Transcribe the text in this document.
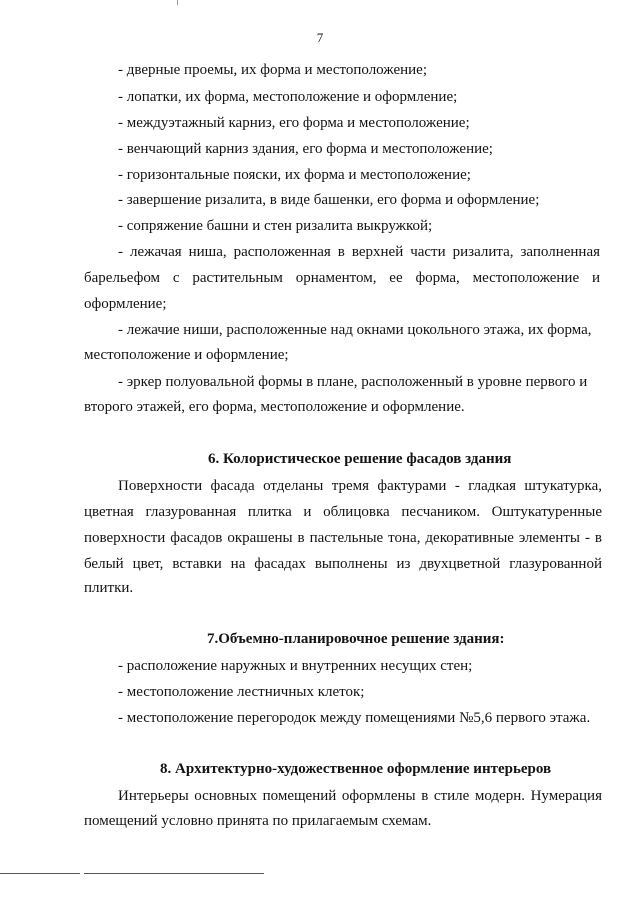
7
- дверные проемы, их форма и местоположение;
- лопатки, их форма, местоположение и оформление;
- междуэтажный карниз, его форма и местоположение;
- венчающий карниз здания, его форма и местоположение;
- горизонтальные пояски, их форма и местоположение;
- завершение ризалита, в виде башенки, его форма и оформление;
- сопряжение башни и стен ризалита выкружкой;
- лежачая ниша, расположенная в верхней части ризалита, заполненная
барельефом с растительным орнаментом, ее форма, местоположение и
оформление;
- лежачие ниши, расположенные над окнами цокольного этажа, их форма,
местоположение и оформление;
- эркер полуовальной формы в плане, расположенный в уровне первого и
второго этажей, его форма, местоположение и оформление.
6. Колористическое решение фасадов здания
Поверхности фасада отделаны тремя фактурами - гладкая штукатурка,
цветная глазурованная плитка и облицовка песчаником. Оштукатуренные
поверхности фасадов окрашены в пастельные тона, декоративные элементы - в
белый цвет, вставки на фасадах выполнены из двухцветной глазурованной
плитки.
7.Объемно-планировочное решение здания:
- расположение наружных и внутренних несущих стен;
- местоположение лестничных клеток;
- местоположение перегородок между помещениями №5,6 первого этажа.
8. Архитектурно-художественное оформление интерьеров
Интерьеры основных помещений оформлены в стиле модерн. Нумерация
помещений условно принята по прилагаемым схемам.
